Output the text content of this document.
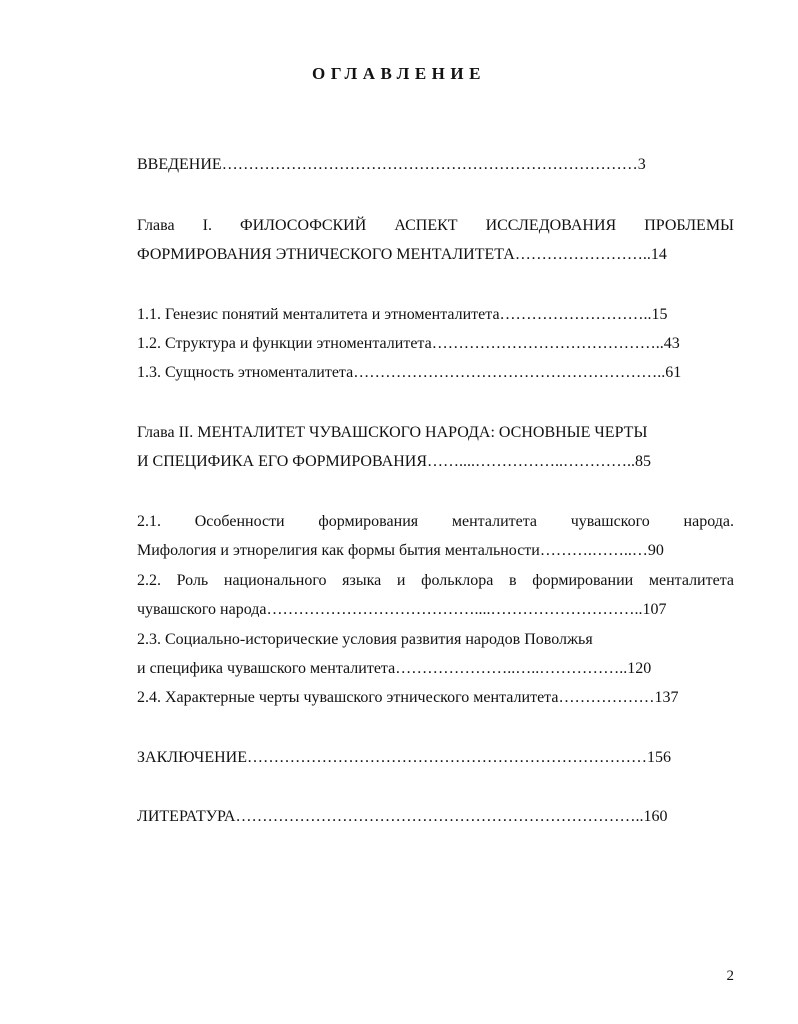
ОГЛАВЛЕНИЕ
ВВЕДЕНИЕ……………………………………………………………………3
Глава I. ФИЛОСОФСКИЙ АСПЕКТ ИССЛЕДОВАНИЯ ПРОБЛЕМЫ
ФОРМИРОВАНИЯ ЭТНИЧЕСКОГО МЕНТАЛИТЕТА……………………..14
1.1. Генезис понятий менталитета и этноменталитета………………………..15
1.2. Структура и функции этноменталитета……………………………………..43
1.3. Сущность этноменталитета…………………………………………………..61
Глава II. МЕНТАЛИТЕТ ЧУВАШСКОГО НАРОДА: ОСНОВНЫЕ ЧЕРТЫ
И СПЕЦИФИКА ЕГО ФОРМИРОВАНИЯ……....……………..…………..85
2.1. Особенности формирования менталитета чувашского народа.
Мифология и этнорелигия как формы бытия ментальности……….……..…90
2.2. Роль национального языка и фольклора в формировании менталитета
чувашского народа…………………………………....………………………..107
2.3. Социально-исторические условия развития народов Поволжья
и специфика чувашского менталитета…………………..…..……………..120
2.4. Характерные черты чувашского этнического менталитета………………137
ЗАКЛЮЧЕНИЕ…………………………………………………………………156
ЛИТЕРАТУРА…………………………………………………………………..160
2
